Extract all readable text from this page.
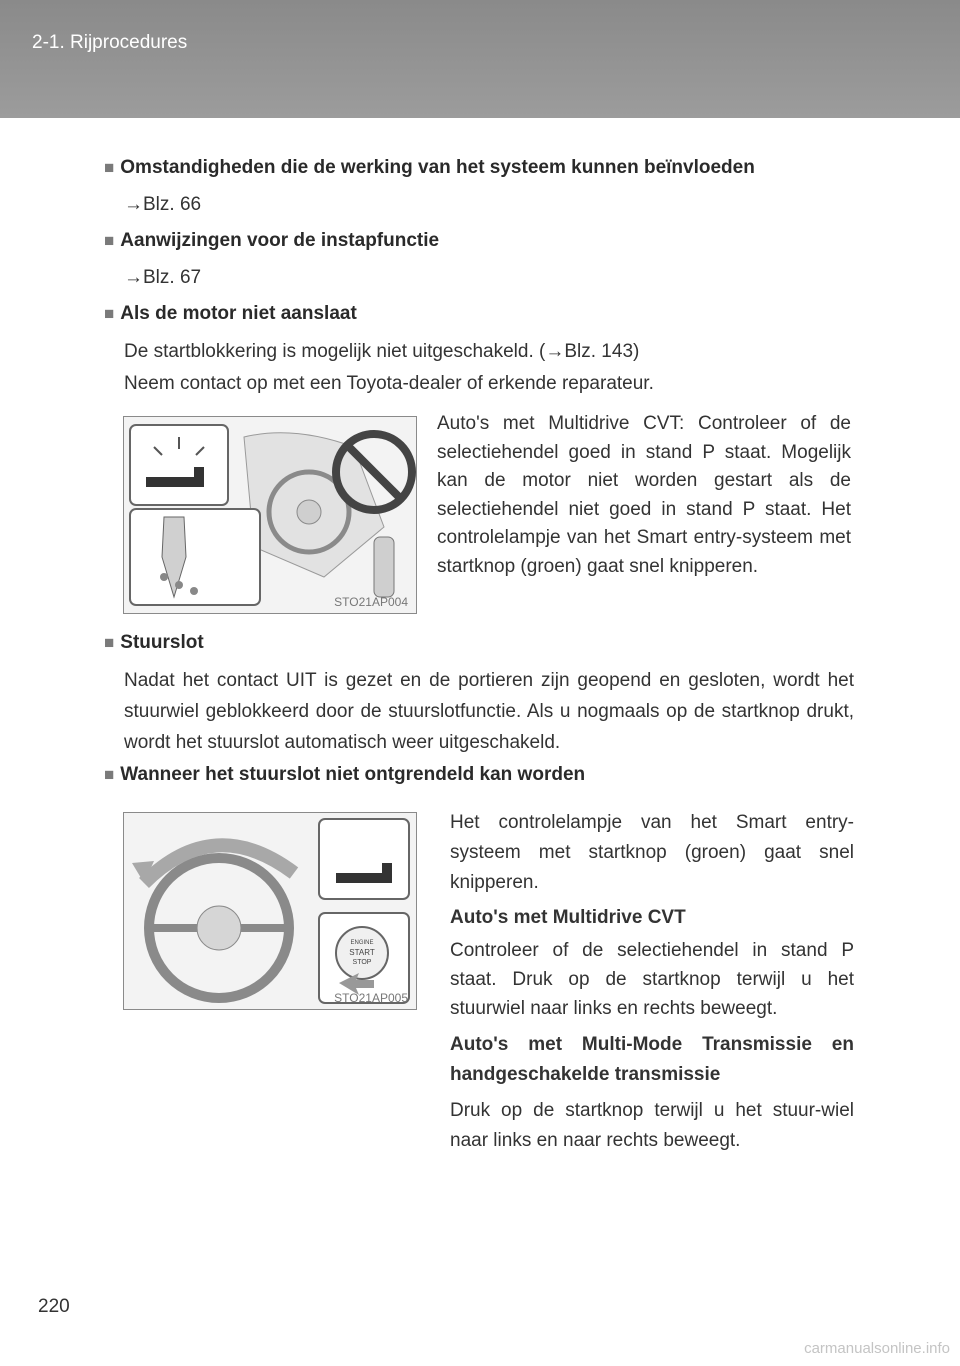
2-1. Rijprocedures
■ Omstandigheden die de werking van het systeem kunnen beïnvloeden
→Blz. 66
■ Aanwijzingen voor de instapfunctie
→Blz. 67
■ Als de motor niet aanslaat
De startblokkering is mogelijk niet uitgeschakeld. (→Blz. 143)
Neem contact op met een Toyota-dealer of erkende reparateur.
STO21AP004
Auto's met Multidrive CVT: Controleer of de selectiehendel goed in stand P staat. Mogelijk kan de motor niet worden gestart als de selectiehendel niet goed in stand P staat. Het controlelampje van het Smart entry-systeem met startknop (groen) gaat snel knipperen.
■ Stuurslot
Nadat het contact UIT is gezet en de portieren zijn geopend en gesloten, wordt het stuurwiel geblokkeerd door de stuurslotfunctie. Als u nogmaals op de startknop drukt, wordt het stuurslot automatisch weer uitgeschakeld.
■ Wanneer het stuurslot niet ontgrendeld kan worden
ENGINE
START
STOP
STO21AP005
Het controlelampje van het Smart entry-systeem met startknop (groen) gaat snel knipperen.
Auto's met Multidrive CVT
Controleer of de selectiehendel in stand P staat. Druk op de startknop terwijl u het stuurwiel naar links en rechts beweegt.
Auto's met Multi-Mode Transmissie en handgeschakelde transmissie
Druk op de startknop terwijl u het stuur-wiel naar links en naar rechts beweegt.
220
carmanualsonline.info
